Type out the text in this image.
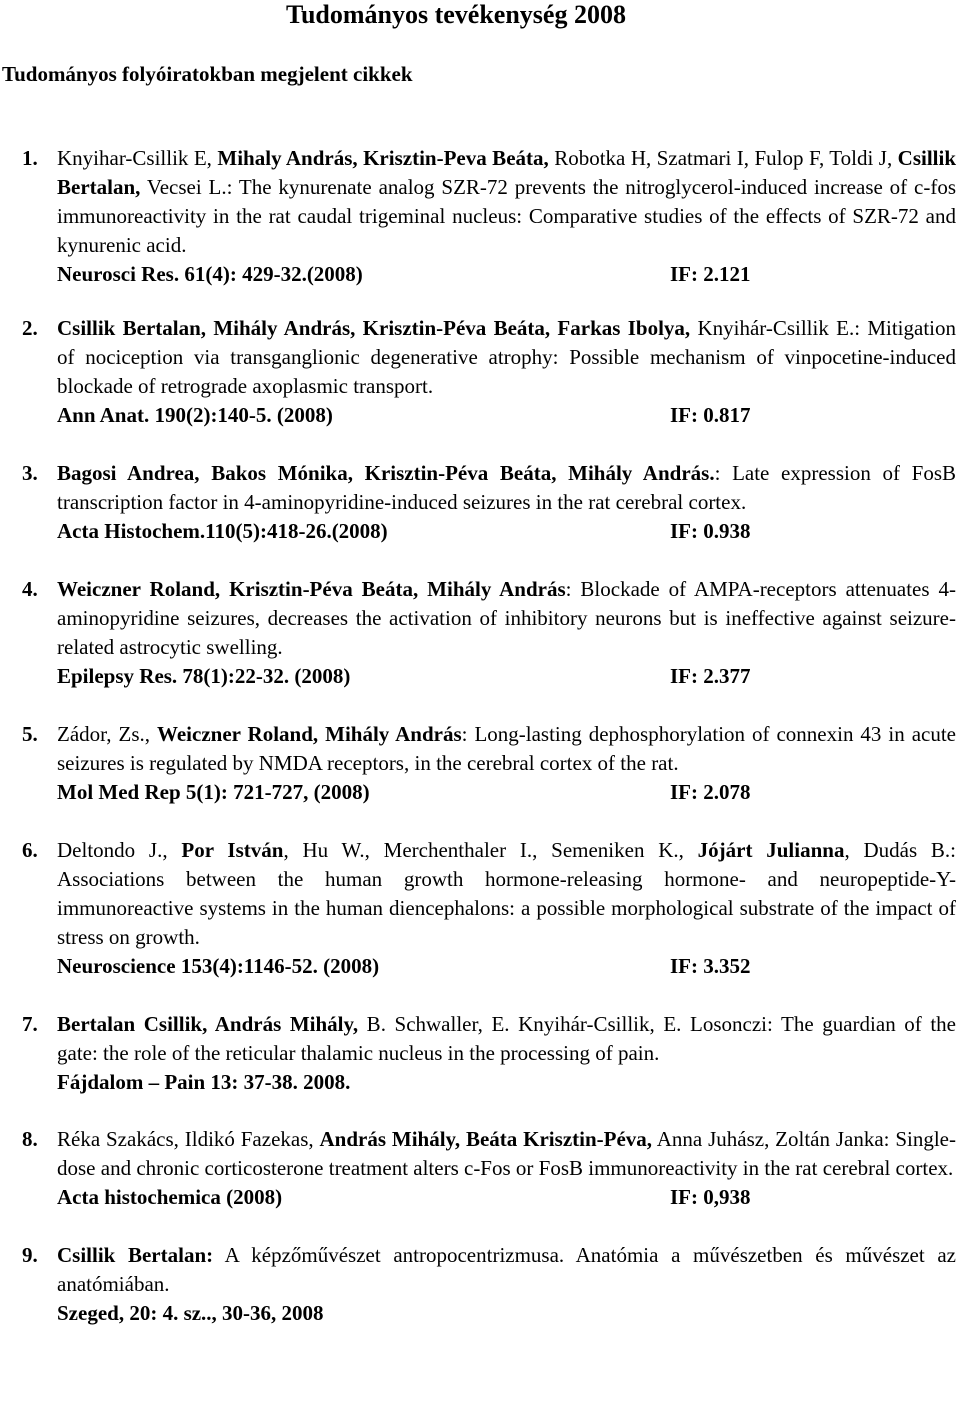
Tudományos tevékenység 2008
Tudományos folyóiratokban megjelent cikkek
1. Knyihar-Csillik E, Mihaly András, Krisztin-Peva Beáta, Robotka H, Szatmari I, Fulop F, Toldi J, Csillik Bertalan, Vecsei L.: The kynurenate analog SZR-72 prevents the nitroglycerol-induced increase of c-fos immunoreactivity in the rat caudal trigeminal nucleus: Comparative studies of the effects of SZR-72 and kynurenic acid.
Neurosci Res. 61(4): 429-32.(2008)	IF: 2.121
2. Csillik Bertalan, Mihály András, Krisztin-Péva Beáta, Farkas Ibolya, Knyihár-Csillik E.: Mitigation of nociception via transganglionic degenerative atrophy: Possible mechanism of vinpocetine-induced blockade of retrograde axoplasmic transport.
Ann Anat. 190(2):140-5. (2008)	IF: 0.817
3. Bagosi Andrea, Bakos Mónika, Krisztin-Péva Beáta, Mihály András.: Late expression of FosB transcription factor in 4-aminopyridine-induced seizures in the rat cerebral cortex.
Acta Histochem.110(5):418-26.(2008)	IF: 0.938
4. Weiczner Roland, Krisztin-Péva Beáta, Mihály András: Blockade of AMPA-receptors attenuates 4-aminopyridine seizures, decreases the activation of inhibitory neurons but is ineffective against seizure-related astrocytic swelling.
Epilepsy Res. 78(1):22-32. (2008)	IF: 2.377
5. Zádor, Zs., Weiczner Roland, Mihály András: Long-lasting dephosphorylation of connexin 43 in acute seizures is regulated by NMDA receptors, in the cerebral cortex of the rat.
Mol Med Rep 5(1): 721-727, (2008)	IF: 2.078
6. Deltondo J., Por István, Hu W., Merchenthaler I., Semeniken K., Jójárt Julianna, Dudás B.: Associations between the human growth hormone-releasing hormone- and neuropeptide-Y-immunoreactive systems in the human diencephalons: a possible morphological substrate of the impact of stress on growth.
Neuroscience 153(4):1146-52. (2008)	IF: 3.352
7. Bertalan Csillik, András Mihály, B. Schwaller, E. Knyihár-Csillik, E. Losonczi: The guardian of the gate: the role of the reticular thalamic nucleus in the processing of pain.
Fájdalom – Pain 13: 37-38. 2008.
8. Réka Szakács, Ildikó Fazekas, András Mihály, Beáta Krisztin-Péva, Anna Juhász, Zoltán Janka: Single-dose and chronic corticosterone treatment alters c-Fos or FosB immunoreactivity in the rat cerebral cortex.
Acta histochemica (2008)	IF: 0,938
9. Csillik Bertalan: A képzőművészet antropocentrizmusa. Anatómia a művészetben és művészet az anatómiában.
Szeged, 20: 4. sz.., 30-36, 2008
